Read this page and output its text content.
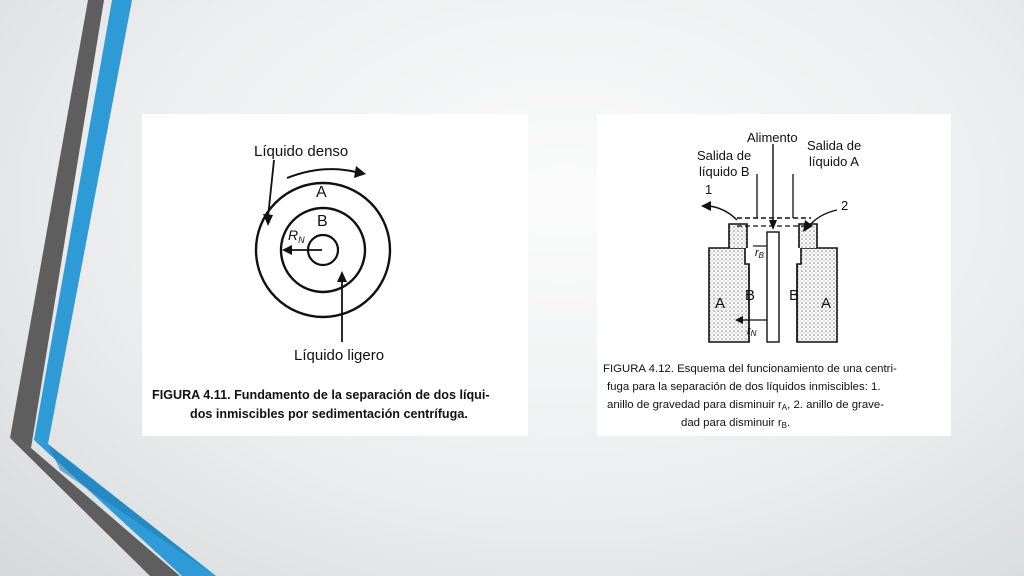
Líquido denso
A
B
$R_N$
Líquido ligero
FIGURA 4.11. Fundamento de la separación de dos líqui-
dos inmiscibles por sedimentación centrífuga.
Alimento
Salida de
líquido B
Salida de
líquido A
1
2
rB
rN
A B B A
FIGURA 4.12. Esquema del funcionamiento de una centri-
fuga para la separación de dos líquidos inmiscibles: 1.
anillo de gravedad para disminuir rA, 2. anillo de grave-
dad para disminuir rB.
